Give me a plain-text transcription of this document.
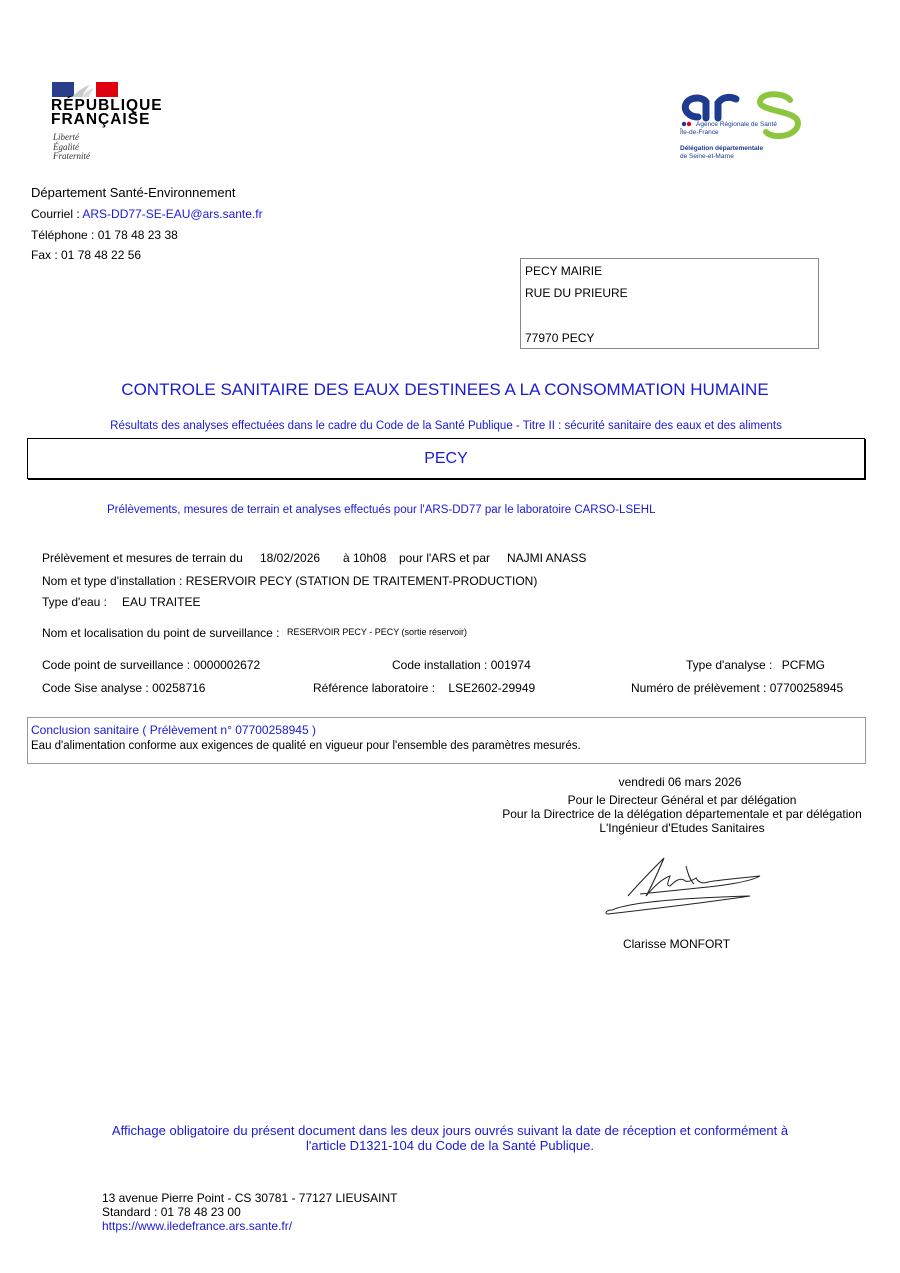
RÉPUBLIQUE
FRANÇAISE
Liberté
Égalité
Fraternité
Agence Régionale de Santé
Île-de-France
Délégation départementale
de Seine-et-Marne
Département Santé-Environnement
Courriel : ARS-DD77-SE-EAU@ars.sante.fr
Téléphone : 01 78 48 23 38
Fax : 01 78 48 22 56
PECY MAIRIE
RUE DU PRIEURE
77970 PECY
CONTROLE SANITAIRE DES EAUX DESTINEES A LA CONSOMMATION HUMAINE
Résultats des analyses effectuées dans le cadre du Code de la Santé Publique - Titre II : sécurité sanitaire des eaux et des aliments
PECY
Prélèvements, mesures de terrain et analyses effectués pour l'ARS-DD77 par le laboratoire CARSO-LSEHL
Prélèvement et mesures de terrain du 18/02/2026 à 10h08 pour l'ARS et par NAJMI ANASS
Nom et type d'installation : RESERVOIR PECY (STATION DE TRAITEMENT-PRODUCTION)
Type d'eau : EAU TRAITEE
Nom et localisation du point de surveillance : RESERVOIR PECY - PECY (sortie réservoir)
Code point de surveillance : 0000002672	Code installation : 001974	Type d'analyse : PCFMG
Code Sise analyse : 00258716	Référence laboratoire : LSE2602-29949	Numéro de prélèvement : 07700258945
Conclusion sanitaire ( Prélèvement n° 07700258945 )
Eau d'alimentation conforme aux exigences de qualité en vigueur pour l'ensemble des paramètres mesurés.
vendredi 06 mars 2026
Pour le Directeur Général et par délégation
Pour la Directrice de la délégation départementale et par délégation
L'Ingénieur d'Etudes Sanitaires
Clarisse MONFORT
Affichage obligatoire du présent document dans les deux jours ouvrés suivant la date de réception et conformément à
l'article D1321-104 du Code de la Santé Publique.
13 avenue Pierre Point - CS 30781 - 77127 LIEUSAINT
Standard : 01 78 48 23 00
https://www.iledefrance.ars.sante.fr/
